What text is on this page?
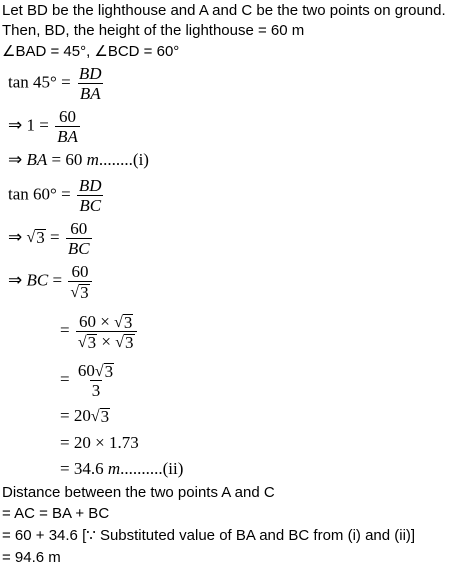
Let BD be the lighthouse and A and C be the two points on ground.
Then, BD, the height of the lighthouse = 60 m
∠BAD = 45°, ∠BCD = 60°
$\tan 45^\circ = \frac{BD}{BA}$
⇒ $1 = \frac{60}{BA}$
⇒ BA = 60 m........(i)
$\tan 60^\circ = \frac{BD}{BC}$
⇒ √ $3 = \frac{60}{BC}$
⇒ BC = $\frac{60}{√ 3}$
= $\frac{60 \times √ 3}{√ 3 \times √ 3}$
= $\frac{60 √ 3}{3}$
= 20 √ 3
= 20 × 1.73
= 34.6 m..........(ii)
Distance between the two points A and C
= AC = BA + BC
= 60 + 34.6 [∵ Substituted value of BA and BC from (i) and (ii)]
= 94.6 m
